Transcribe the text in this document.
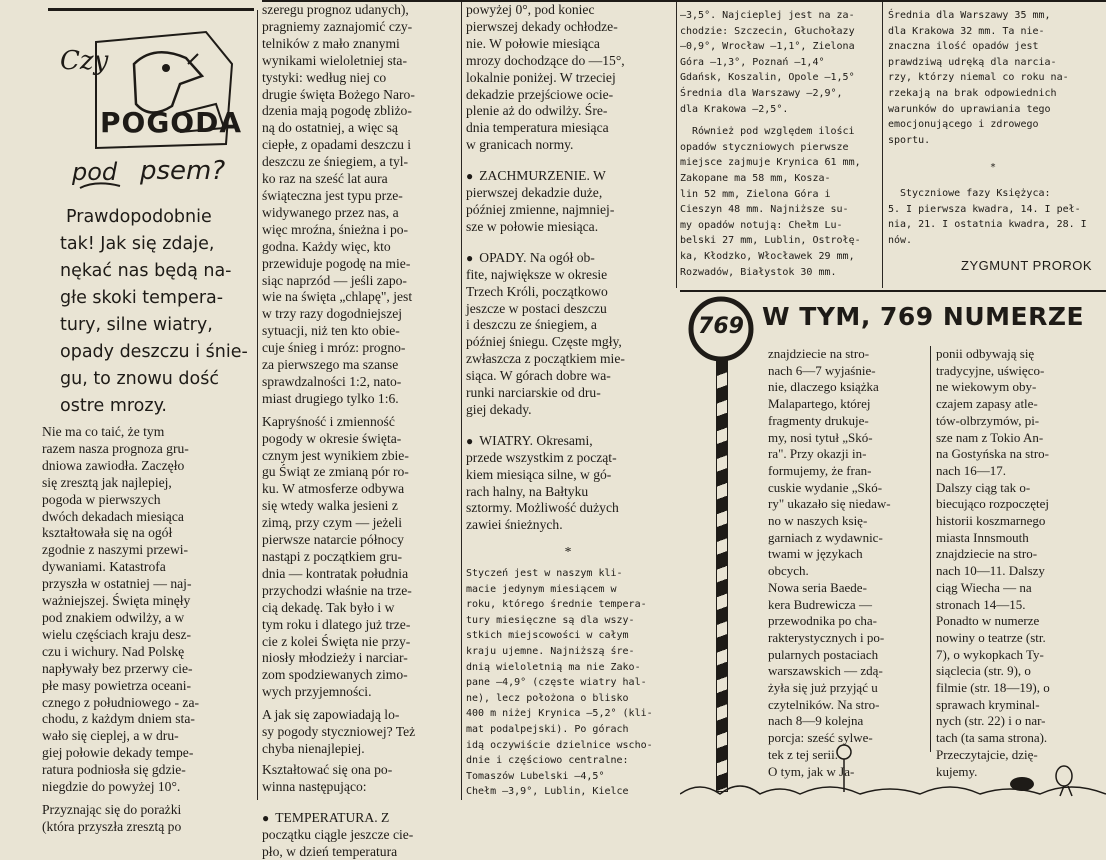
Czy
POGODA
pod psem?

Prawdopodobnie

tak! Jak się zdaje,

nękać nas będą na-

głe skoki tempera-

tury, silne wiatry,

opady deszczu i śnie-

gu, to znowu dość

ostre mrozy.

Nie ma co taić, że tym

razem nasza prognoza gru-

dniowa zawiodła. Zaczęło

się zresztą jak najlepiej,

pogoda w pierwszych

dwóch dekadach miesiąca

kształtowała się na ogół

zgodnie z naszymi przewi-

dywaniami. Katastrofa

przyszła w ostatniej — naj-

ważniejszej. Święta minęły

pod znakiem odwilży, a w

wielu częściach kraju desz-

czu i wichury. Nad Polskę

napływały bez przerwy cie-

płe masy powietrza oceani-

cznego z południowego - za-

chodu, z każdym dniem sta-

wało się cieplej, a w dru-

giej połowie dekady tempe-

ratura podniosła się gdzie-

niegdzie do powyżej 10°.

Przyznając się do porażki

(która przyszła zresztą po

szeregu prognoz udanych),

pragniemy zaznajomić czy-

telników z mało znanymi

wynikami wieloletniej sta-

tystyki: według niej co

drugie święta Bożego Naro-

dzenia mają pogodę zbliżo-

ną do ostatniej, a więc są

ciepłe, z opadami deszczu i

deszczu ze śniegiem, a tyl-

ko raz na sześć lat aura

świąteczna jest typu prze-

widywanego przez nas, a

więc mroźna, śnieżna i po-

godna. Każdy więc, kto

przewiduje pogodę na mie-

siąc naprzód — jeśli zapo-

wie na święta „chlapę", jest

w trzy razy dogodniejszej

sytuacji, niż ten kto obie-

cuje śnieg i mróz: progno-

za pierwszego ma szanse

sprawdzalności 1:2, nato-

miast drugiego tylko 1:6.

Kapryśność i zmienność

pogody w okresie święta-

cznym jest wynikiem zbie-

gu Świąt ze zmianą pór ro-

ku. W atmosferze odbywa

się wtedy walka jesieni z

zimą, przy czym — jeżeli

pierwsze natarcie północy

nastąpi z początkiem gru-

dnia — kontratak południa

przychodzi właśnie na trze-

cią dekadę. Tak było i w

tym roku i dlatego już trze-

cie z kolei Święta nie przy-

niosły młodzieży i narciar-

zom spodziewanych zimo-

wych przyjemności.

A jak się zapowiadają lo-

sy pogody styczniowej? Też

chyba nienajlepiej.

Kształtować się ona po-

winna następująco:

● TEMPERATURA. Z

początku ciągle jeszcze cie-

pło, w dzień temperatura

powyżej 0°, pod koniec

pierwszej dekady ochłodze-

nie. W połowie miesiąca

mrozy dochodzące do —15°,

lokalnie poniżej. W trzeciej

dekadzie przejściowe ocie-

plenie aż do odwilży. Śre-

dnia temperatura miesiąca

w granicach normy.

● ZACHMURZENIE. W

pierwszej dekadzie duże,

później zmienne, najmniej-

sze w połowie miesiąca.

● OPADY. Na ogół ob-

fite, największe w okresie

Trzech Króli, początkowo

jeszcze w postaci deszczu

i deszczu ze śniegiem, a

później śniegu. Częste mgły,

zwłaszcza z początkiem mie-

siąca. W górach dobre wa-

runki narciarskie od dru-

giej dekady.

● WIATRY. Okresami,

przede wszystkim z począt-

kiem miesiąca silne, w gó-

rach halny, na Bałtyku

sztormy. Możliwość dużych

zawiei śnieżnych.

*

Styczeń jest w naszym kli-

macie jedynym miesiącem w

roku, którego średnie tempera-

tury miesięczne są dla wszy-

stkich miejscowości w całym

kraju ujemne. Najniższą śre-

dnią wieloletnią ma nie Zako-

pane —4,9° (częste wiatry hal-

ne), lecz położona o blisko

400 m niżej Krynica —5,2° (kli-

mat podalpejski). Po górach

idą oczywiście dzielnice wscho-

dnie i częściowo centralne:

Tomaszów Lubelski —4,5°

Chełm —3,9°, Lublin, Kielce

—3,5°. Najcieplej jest na za-

chodzie: Szczecin, Głuchołazy

—0,9°, Wrocław —1,1°, Zielona

Góra —1,3°, Poznań —1,4°

Gdańsk, Koszalin, Opole —1,5°

Średnia dla Warszawy —2,9°,

dla Krakowa —2,5°.

Również pod względem ilości

opadów styczniowych pierwsze

miejsce zajmuje Krynica 61 mm,

Zakopane ma 58 mm, Kosza-

lin 52 mm, Zielona Góra i

Cieszyn 48 mm. Najniższe su-

my opadów notują: Chełm Lu-

belski 27 mm, Lublin, Ostrołę-

ka, Kłodzko, Włocławek 29 mm,

Rozwadów, Białystok 30 mm.

Średnia dla Warszawy 35 mm,

dla Krakowa 32 mm. Ta nie-

znaczna ilość opadów jest

prawdziwą udręką dla narcia-

rzy, którzy niemal co roku na-

rzekają na brak odpowiednich

warunków do uprawiania tego

emocjonującego i zdrowego

sportu.

*

Styczniowe fazy Księżyca:

5. I pierwsza kwadra, 14. I peł-

nia, 21. I ostatnia kwadra, 28. I

nów.

ZYGMUNT PROROK

769 W TYM, 769 NUMERZE

znajdziecie na stro-

nach 6—7 wyjaśnie-

nie, dlaczego książka

Malapartego, której

fragmenty drukuje-

my, nosi tytuł „Skó-

ra". Przy okazji in-

formujemy, że fran-

cuskie wydanie „Skó-

ry" ukazało się niedaw-

no w naszych księ-

garniach z wydawnic-

twami w językach

obcych.

Nowa seria Baede-

kera Budrewicza —

przewodnika po cha-

rakterystycznych i po-

pularnych postaciach

warszawskich — zdą-

żyła się już przyjąć u

czytelników. Na stro-

nach 8—9 kolejna

porcja: sześć sylwe-

tek z tej serii.

O tym, jak w Ja-

ponii odbywają się

tradycyjne, uświęco-

ne wiekowym oby-

czajem zapasy atle-

tów-olbrzymów, pi-

sze nam z Tokio An-

na Gostyńska na stro-

nach 16—17.

Dalszy ciąg tak o-

biecująco rozpoczętej

historii koszmarnego

miasta Innsmouth

znajdziecie na stro-

nach 10—11. Dalszy

ciąg Wiecha — na

stronach 14—15.

Ponadto w numerze

nowiny o teatrze (str.

7), o wykopkach Ty-

siąclecia (str. 9), o

filmie (str. 18—19), o

sprawach kryminal-

nych (str. 22) i o nar-

tach (ta sama strona).

Przeczytajcie, dzię-

kujemy.
